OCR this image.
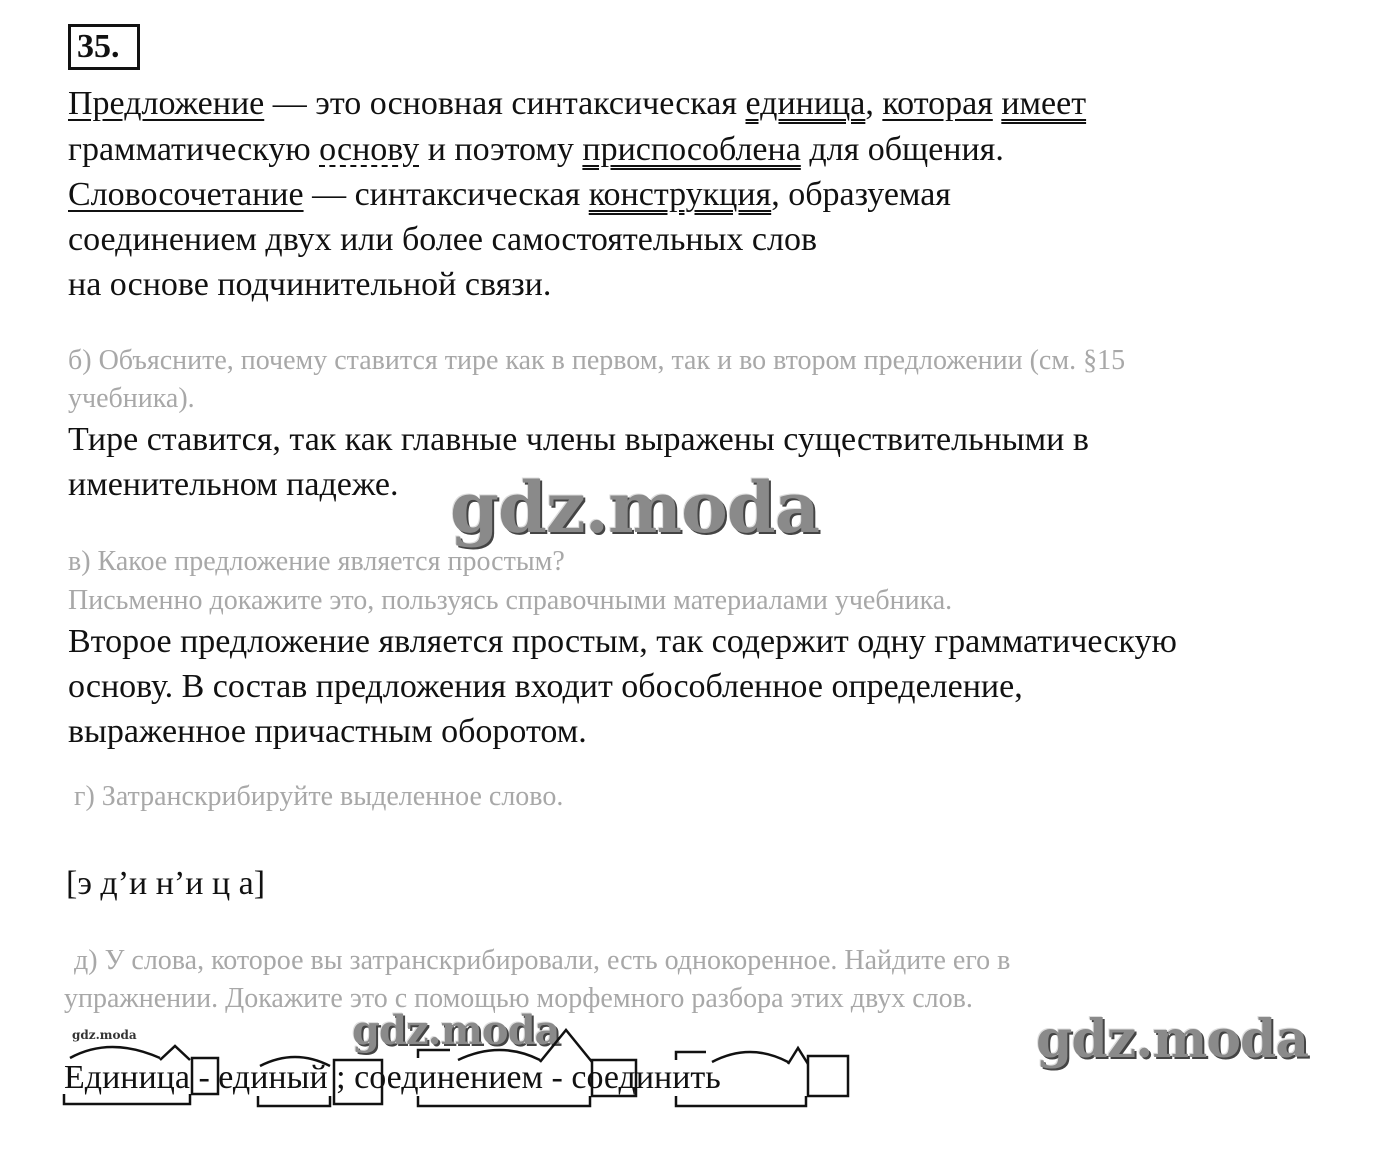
35.
Предложение — это основная синтаксическая единица, которая имеет
грамматическую основу и поэтому приспособлена для общения.
Словосочетание — синтаксическая конструкция, образуемая
соединением двух или более самостоятельных слов
на основе подчинительной связи.
б) Объясните, почему ставится тире как в первом, так и во втором предложении (см. §15
учебника).
Тире ставится, так как главные члены выражены существительными в
именительном падеже. gdz.moda
в) Какое предложение является простым?
Письменно докажите это, пользуясь справочными материалами учебника.
Второе предложение является простым, так содержит одну грамматическую
основу. В состав предложения входит обособленное определение,
выраженное причастным оборотом.
г) Затранскрибируйте выделенное слово.
[э д’и н’и ц а]
д) У слова, которое вы затранскрибировали, есть однокоренное. Найдите его в
упражнении. Докажите это с помощью морфемного разбора этих двух слов.
gdz.moda	gdz.moda	gdz.moda
Единица - единый ; соединением - соединить
